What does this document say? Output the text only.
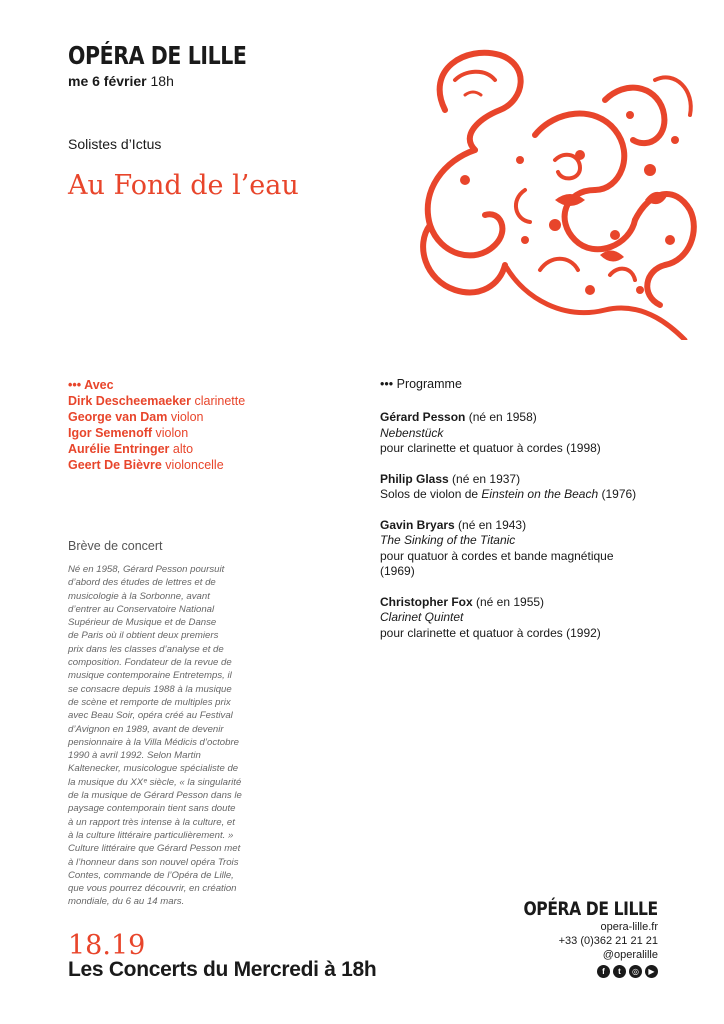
OPÉRA DE LILLE
me 6 février 18h
Solistes d’Ictus
Au Fond de l’eau
••• Avec
Dirk Descheemaeker clarinette
George van Dam violon
Igor Semenoff violon
Aurélie Entringer alto
Geert De Bièvre violoncelle
Brève de concert
Né en 1958, Gérard Pesson poursuit
d’abord des études de lettres et de
musicologie à la Sorbonne, avant
d’entrer au Conservatoire National
Supérieur de Musique et de Danse
de Paris où il obtient deux premiers
prix dans les classes d’analyse et de
composition. Fondateur de la revue de
musique contemporaine Entretemps, il
se consacre depuis 1988 à la musique
de scène et remporte de multiples prix
avec Beau Soir, opéra créé au Festival
d’Avignon en 1989, avant de devenir
pensionnaire à la Villa Médicis d’octobre
1990 à avril 1992. Selon Martin
Kaltenecker, musicologue spécialiste de
la musique du XXᵉ siècle, « la singularité
de la musique de Gérard Pesson dans le
paysage contemporain tient sans doute
à un rapport très intense à la culture, et
à la culture littéraire particulièrement. »
Culture littéraire que Gérard Pesson met
à l’honneur dans son nouvel opéra Trois
Contes, commande de l’Opéra de Lille,
que vous pourrez découvrir, en création
mondiale, du 6 au 14 mars.
••• Programme
Gérard Pesson (né en 1958)
Nebenstück
pour clarinette et quatuor à cordes (1998)
Philip Glass (né en 1937)
Solos de violon de Einstein on the Beach (1976)
Gavin Bryars (né en 1943)
The Sinking of the Titanic
pour quatuor à cordes et bande magnétique
(1969)
Christopher Fox (né en 1955)
Clarinet Quintet
pour clarinette et quatuor à cordes (1992)
18.19
Les Concerts du Mercredi à 18h
OPÉRA DE LILLE
opera-lille.fr
+33 (0)362 21 21 21
@operalille
f	t	◎	▶
